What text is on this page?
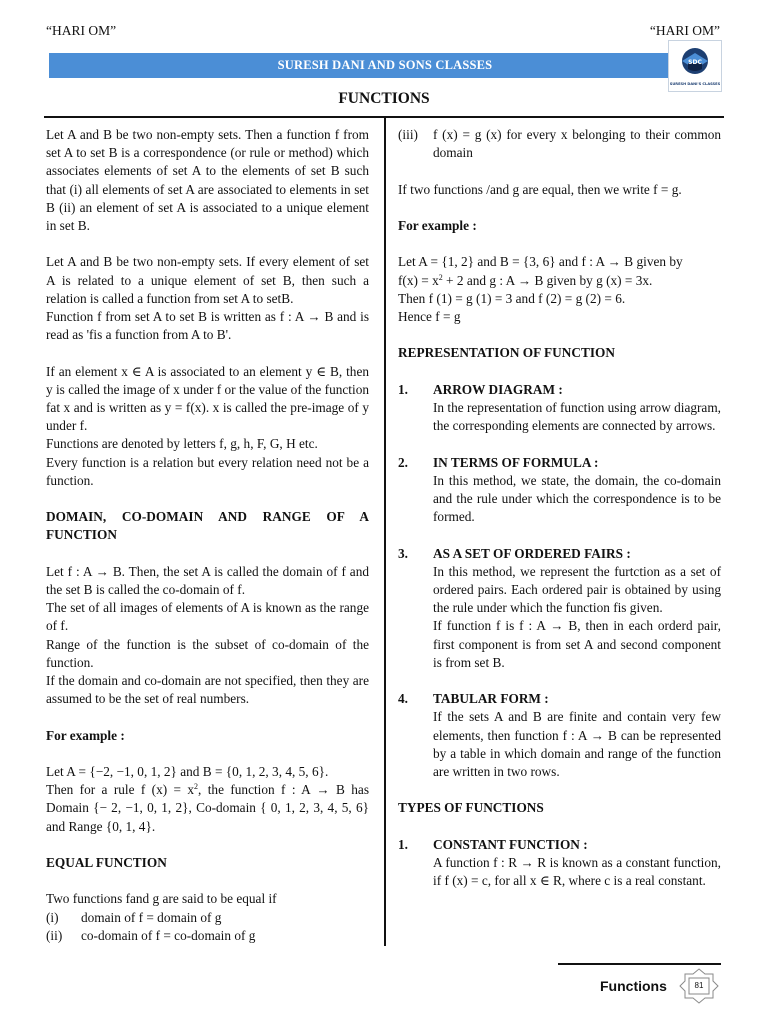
“HARI OM”	“HARI OM”
SURESH DANI AND SONS CLASSES	SDC
SURESH DANI'S CLASSES
FUNCTIONS

Let A and B be two non-empty sets. Then a function f from set A to set B is a correspondence (or rule or method) which associates elements of set A to the elements of set B such that (i) all elements of set A are associated to elements in set B (ii) an element of set A is associated to a unique element in set B.

Let A and B be two non-empty sets. If every element of set A is related to a unique element of set B, then such a relation is called a function from set A to setB.

Function f from set A to set B is written as f : A → B and is read as 'fis a function from A to B'.

If an element x ∈ A is associated to an element y ∈ B, then y is called the image of x under f or the value of the function fat x and is written as y = f(x). x is called the pre-image of y under f.

Functions are denoted by letters f, g, h, F, G, H etc.

Every function is a relation but every relation need not be a function.

DOMAIN, CO-DOMAIN AND RANGE OF A FUNCTION

Let f : A → B. Then, the set A is called the domain of f and the set B is called the co-domain of f.

The set of all images of elements of A is known as the range of f.

Range of the function is the subset of co-domain of the function.

If the domain and co-domain are not specified, then they are assumed to be the set of real numbers.

For example :

Let A = {−2, −1, 0, 1, 2} and B = {0, 1, 2, 3, 4, 5, 6}.

Then for a rule f $(x) = x^2$, the function f : A → B has Domain {− 2, −1, 0, 1, 2}, Co-domain { 0, 1, 2, 3, 4, 5, 6} and Range {0, 1, 4}.

EQUAL FUNCTION

Two functions fand g are said to be equal if

(i)	domain of f = domain of g
(ii)	co-domain of f = co-domain of g
(iii)	f (x) = g (x) for every x belonging to their common domain

If two functions /and g are equal, then we write f = g.

For example :

Let A = {1, 2} and B = {3, 6} and f : A → B given by

$f(x) = x^2 + 2$ and g : A → B given by g (x) = 3x.

Then f (1) = g (1) = 3 and f (2) = g (2) = 6.

Hence f = g

REPRESENTATION OF FUNCTION

1.	ARROW DIAGRAM :

In the representation of function using arrow diagram, the corresponding elements are connected by arrows.

2.	IN TERMS OF FORMULA :

In this method, we state, the domain, the co-domain and the rule under which the correspondence is to be formed.

3.	AS A SET OF ORDERED FAIRS :

In this method, we represent the furtction as a set of ordered pairs. Each ordered pair is obtained by using the rule under which the function fis given.

If function f is f : A → B, then in each orderd pair, first component is from set A and second component is from set B.

4.	TABULAR FORM :

If the sets A and B are finite and contain very few elements, then function f : A → B can be represented by a table in which domain and range of the function are written in two rows.

TYPES OF FUNCTIONS

1.	CONSTANT FUNCTION :

A function f : R → R is known as a constant function, if f (x) = c, for all x ∈ R, where c is a real constant.

Functions	81
